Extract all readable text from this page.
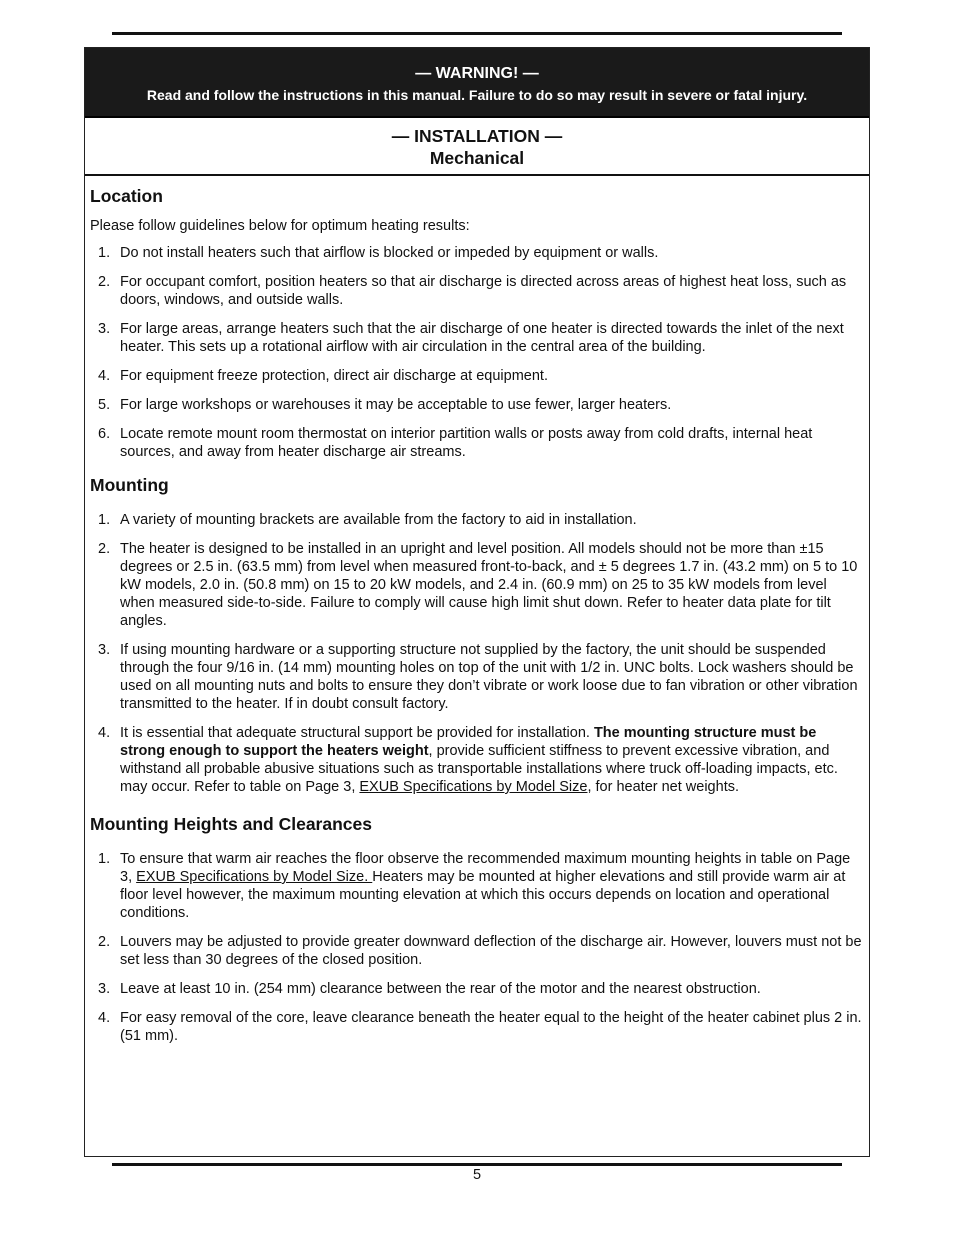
— WARNING! —
Read and follow the instructions in this manual. Failure to do so may result in severe or fatal injury.
— INSTALLATION —
Mechanical
Location

Please follow guidelines below for optimum heating results:

1. Do not install heaters such that airflow is blocked or impeded by equipment or walls.
2. For occupant comfort, position heaters so that air discharge is directed across areas of highest heat loss, such as doors, windows, and outside walls.
3. For large areas, arrange heaters such that the air discharge of one heater is directed towards the inlet of the next heater. This sets up a rotational airflow with air circulation in the central area of the building.
4. For equipment freeze protection, direct air discharge at equipment.
5. For large workshops or warehouses it may be acceptable to use fewer, larger heaters.
6. Locate remote mount room thermostat on interior partition walls or posts away from cold drafts, internal heat sources, and away from heater discharge air streams.
Mounting
1. A variety of mounting brackets are available from the factory to aid in installation.
2. The heater is designed to be installed in an upright and level position. All models should not be more than ±15 degrees or 2.5 in. (63.5 mm) from level when measured front-to-back, and ± 5 degrees 1.7 in. (43.2 mm) on 5 to 10 kW models, 2.0 in. (50.8 mm) on 15 to 20 kW models, and 2.4 in. (60.9 mm) on 25 to 35 kW models from level when measured side-to-side. Failure to comply will cause high limit shut down. Refer to heater data plate for tilt angles.
3. If using mounting hardware or a supporting structure not supplied by the factory, the unit should be suspended through the four 9/16 in. (14 mm) mounting holes on top of the unit with 1/2 in. UNC bolts. Lock washers should be used on all mounting nuts and bolts to ensure they don’t vibrate or work loose due to fan vibration or other vibration transmitted to the heater. If in doubt consult factory.
4. It is essential that adequate structural support be provided for installation. The mounting structure must be strong enough to support the heaters weight, provide sufficient stiffness to prevent excessive vibration, and withstand all probable abusive situations such as transportable installations where truck off-loading impacts, etc. may occur. Refer to table on Page 3, EXUB Specifications by Model Size, for heater net weights.
Mounting Heights and Clearances
1. To ensure that warm air reaches the floor observe the recommended maximum mounting heights in table on Page 3, EXUB Specifications by Model Size. Heaters may be mounted at higher elevations and still provide warm air at floor level however, the maximum mounting elevation at which this occurs depends on location and operational conditions.
2. Louvers may be adjusted to provide greater downward deflection of the discharge air. However, louvers must not be set less than 30 degrees of the closed position.
3. Leave at least 10 in. (254 mm) clearance between the rear of the motor and the nearest obstruction.
4. For easy removal of the core, leave clearance beneath the heater equal to the height of the heater cabinet plus 2 in. (51 mm).
5
